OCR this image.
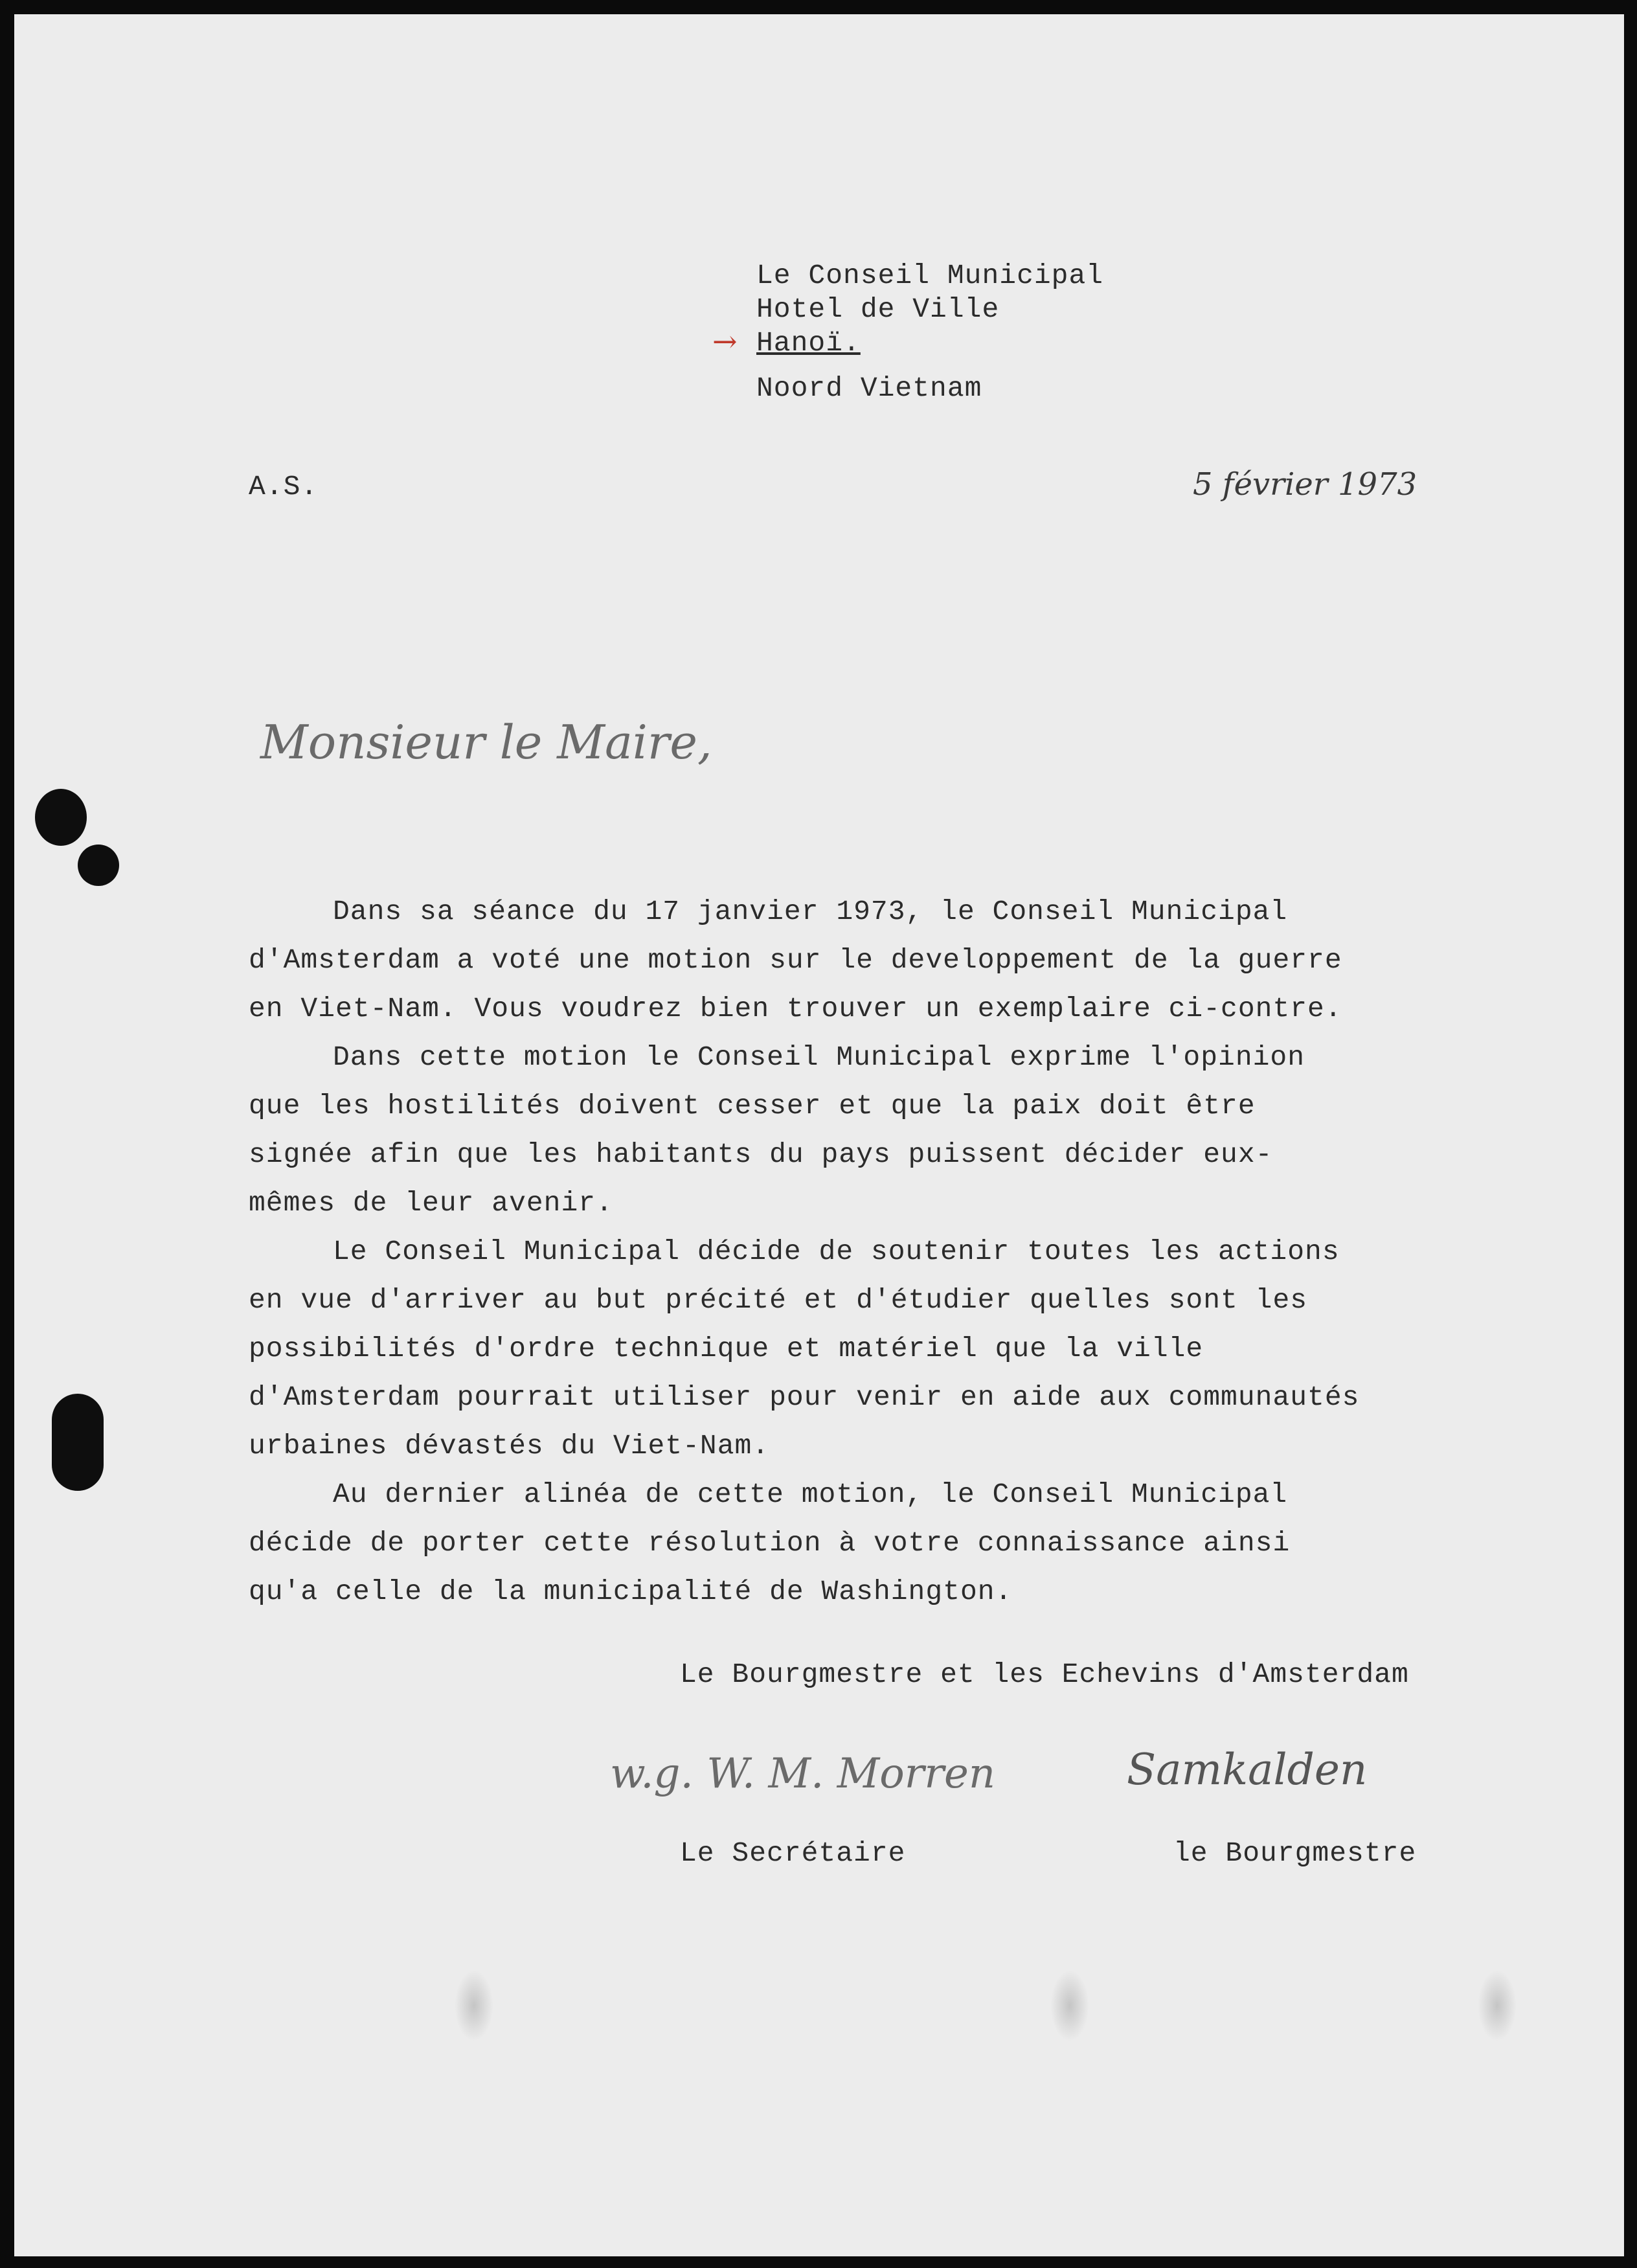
Le Conseil Municipal
Hotel de Ville
Hanoï.
→
Noord Vietnam
A.S.	5 février 1973
Monsieur le Maire,
Dans sa séance du 17 janvier 1973, le Conseil Municipal
d'Amsterdam a voté une motion sur le developpement de la guerre
en Viet-Nam. Vous voudrez bien trouver un exemplaire ci-contre.
Dans cette motion le Conseil Municipal exprime l'opinion
que les hostilités doivent cesser et que la paix doit être
signée afin que les habitants du pays puissent décider eux-
mêmes de leur avenir.
Le Conseil Municipal décide de soutenir toutes les actions
en vue d'arriver au but précité et d'étudier quelles sont les
possibilités d'ordre technique et matériel que la ville
d'Amsterdam pourrait utiliser pour venir en aide aux communautés
urbaines dévastés du Viet-Nam.
Au dernier alinéa de cette motion, le Conseil Municipal
décide de porter cette résolution à votre connaissance ainsi
qu'a celle de la municipalité de Washington.
Le Bourgmestre et les Echevins d'Amsterdam
w.g. W. M. Morren	Samkalden
Le Secrétaire	le Bourgmestre
